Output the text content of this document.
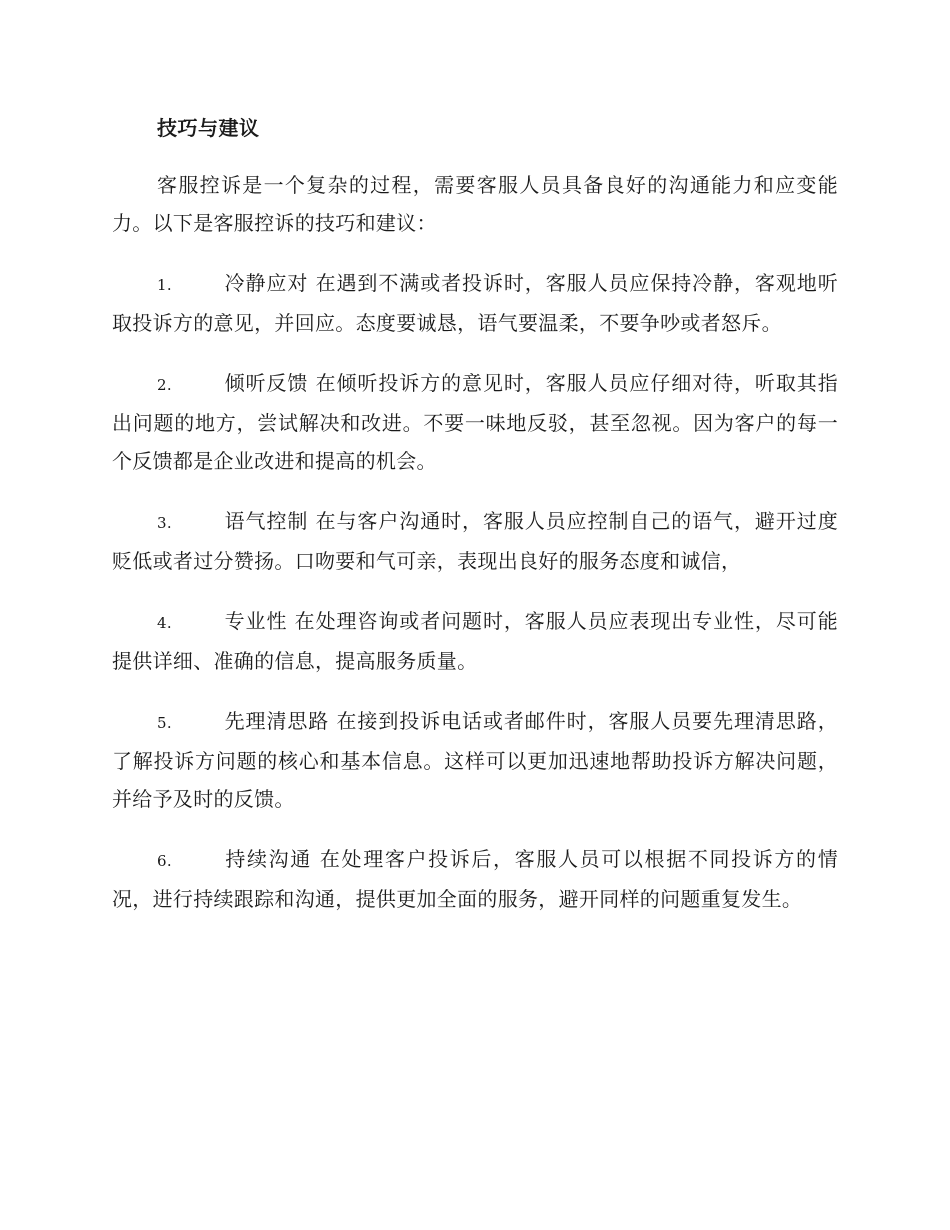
技巧与建议
客服控诉是一个复杂的过程，需要客服人员具备良好的沟通能力和应变能力。以下是客服控诉的技巧和建议：
1.	冷静应对 在遇到不满或者投诉时，客服人员应保持冷静，客观地听取投诉方的意见，并回应。态度要诚恳，语气要温柔，不要争吵或者怒斥。
2.	倾听反馈 在倾听投诉方的意见时，客服人员应仔细对待，听取其指出问题的地方，尝试解决和改进。不要一味地反驳，甚至忽视。因为客户的每一个反馈都是企业改进和提高的机会。
3.	语气控制 在与客户沟通时，客服人员应控制自己的语气，避开过度贬低或者过分赞扬。口吻要和气可亲，表现出良好的服务态度和诚信，
4.	专业性 在处理咨询或者问题时，客服人员应表现出专业性，尽可能提供详细、准确的信息，提高服务质量。
5.	先理清思路 在接到投诉电话或者邮件时，客服人员要先理清思路，了解投诉方问题的核心和基本信息。这样可以更加迅速地帮助投诉方解决问题，并给予及时的反馈。
6.	持续沟通 在处理客户投诉后，客服人员可以根据不同投诉方的情况，进行持续跟踪和沟通，提供更加全面的服务，避开同样的问题重复发生。
